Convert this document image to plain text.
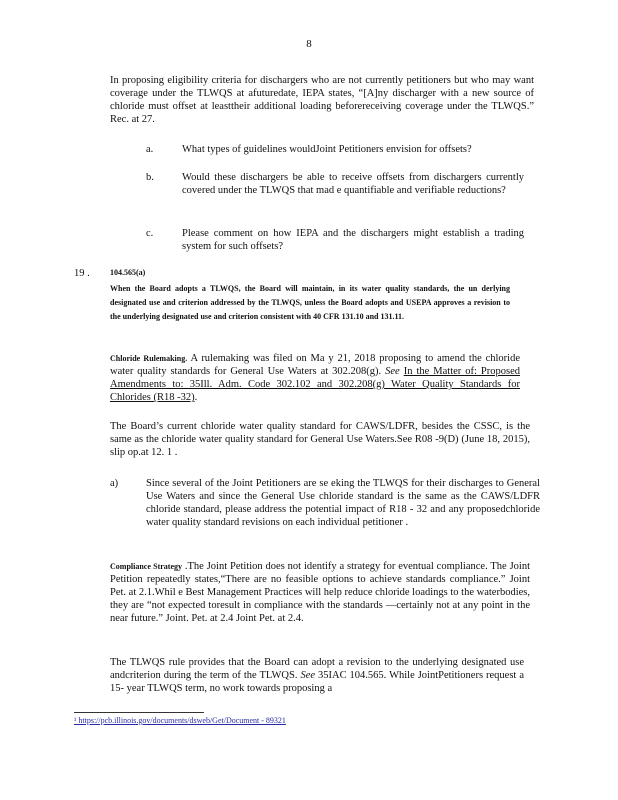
8

In proposing eligibility criteria for dischargers who are not currently petitioners but who may want coverage under the TLWQS at afuturedate, IEPA states, “[A]ny discharger with a new source of chloride must offset at leasttheir additional loading beforereceiving coverage under the TLWQS.” Rec. at 27.

a.	What types of guidelines wouldJoint Petitioners envision for offsets?
b.	Would these dischargers be able to receive offsets from dischargers currently covered under the TLWQS that mad e quantifiable and verifiable reductions?
c.	Please comment on how IEPA and the dischargers might establish a trading system for such offsets?
19 .	104.565(a)
When the Board adopts a TLWQS, the Board will maintain, in its water quality standards, the un derlying designated use and criterion addressed by the TLWQS, unless the Board adopts and USEPA approves a revision to the underlying designated use and criterion consistent with 40 CFR 131.10 and 131.11.

Chloride Rulemaking. A rulemaking was filed on Ma y 21, 2018 proposing to amend the chloride water quality standards for General Use Waters at 302.208(g). See In the Matter of: Proposed Amendments to: 35Ill. Adm. Code 302.102 and 302.208(g) Water Quality Standards for Chlorides (R18 -32).

The Board’s current chloride water quality standard for CAWS/LDFR, besides the CSSC, is the same as the chloride water quality standard for General Use Waters.See R08 -9(D) (June 18, 2015), slip op.at 12. 1 .

a)	Since several of the Joint Petitioners are se eking the TLWQS for their discharges to General Use Waters and since the General Use chloride standard is the same as the CAWS/LDFR chloride standard, please address the potential impact of R18 - 32 and any proposedchloride water quality standard revisions on each individual petitioner .

Compliance Strategy .The Joint Petition does not identify a strategy for eventual compliance. The Joint Petition repeatedly states,“There are no feasible options to achieve standards compliance.” Joint Pet. at 2.1.Whil e Best Management Practices will help reduce chloride loadings to the waterbodies, they are “not expected toresult in compliance with the standards —certainly not at any point in the near future.” Joint. Pet. at 2.4 Joint Pet. at 2.4.

The TLWQS rule provides that the Board can adopt a revision to the underlying designated use andcriterion during the term of the TLWQS. See 35IAC 104.565. While JointPetitioners request a 15- year TLWQS term, no work towards proposing a

¹ https://pcb.illinois.gov/documents/dsweb/Get/Document - 89321
